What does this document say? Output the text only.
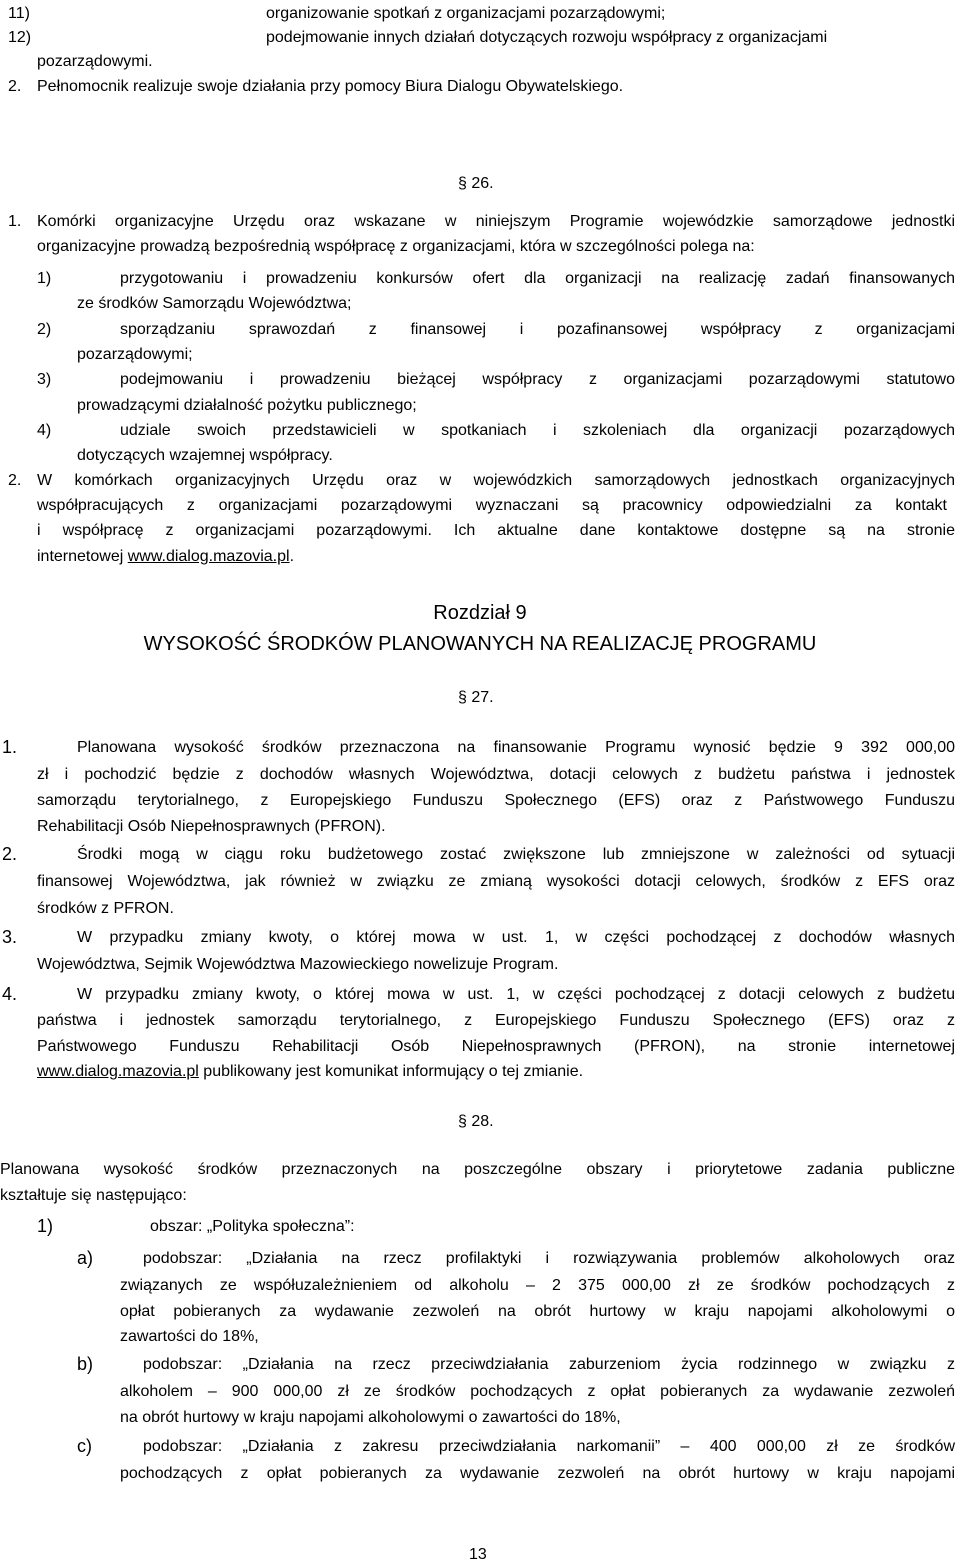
11)	organizowanie spotkań z organizacjami pozarządowymi;
12)	podejmowanie innych działań dotyczących rozwoju współpracy z organizacjami
pozarządowymi.
2. Pełnomocnik realizuje swoje działania przy pomocy Biura Dialogu Obywatelskiego.
§ 26.
1. Komórki organizacyjne Urzędu oraz wskazane w niniejszym Programie wojewódzkie samorządowe jednostki
organizacyjne prowadzą bezpośrednią współpracę z organizacjami, która w szczególności polega na:
1)	przygotowaniu i prowadzeniu konkursów ofert dla organizacji na realizację zadań finansowanych
ze środków Samorządu Województwa;
2)	sporządzaniu sprawozdań z finansowej i pozafinansowej współpracy z organizacjami
pozarządowymi;
3)	podejmowaniu i prowadzeniu bieżącej współpracy z organizacjami pozarządowymi statutowo
prowadzącymi działalność pożytku publicznego;
4)	udziale swoich przedstawicieli w spotkaniach i szkoleniach dla organizacji pozarządowych
dotyczących wzajemnej współpracy.
2. W komórkach organizacyjnych Urzędu oraz w wojewódzkich samorządowych jednostkach organizacyjnych
współpracujących z organizacjami pozarządowymi wyznaczani są pracownicy odpowiedzialni za kontakt
i współpracę z organizacjami pozarządowymi. Ich aktualne dane kontaktowe dostępne są na stronie
internetowej www.dialog.mazovia.pl.
Rozdział 9
WYSOKOŚĆ ŚRODKÓW PLANOWANYCH NA REALIZACJĘ PROGRAMU
§ 27.
1.	Planowana wysokość środków przeznaczona na finansowanie Programu wynosić będzie 9 392 000,00
zł i pochodzić będzie z dochodów własnych Województwa, dotacji celowych z budżetu państwa i jednostek
samorządu terytorialnego, z Europejskiego Funduszu Społecznego (EFS) oraz z Państwowego Funduszu
Rehabilitacji Osób Niepełnosprawnych (PFRON).
2.	Środki mogą w ciągu roku budżetowego zostać zwiększone lub zmniejszone w zależności od sytuacji
finansowej Województwa, jak również w związku ze zmianą wysokości dotacji celowych, środków z EFS oraz
środków z PFRON.
3.	W przypadku zmiany kwoty, o której mowa w ust. 1, w części pochodzącej z dochodów własnych
Województwa, Sejmik Województwa Mazowieckiego nowelizuje Program.
4.	W przypadku zmiany kwoty, o której mowa w ust. 1, w części pochodzącej z dotacji celowych z budżetu
państwa i jednostek samorządu terytorialnego, z Europejskiego Funduszu Społecznego (EFS) oraz z
Państwowego Funduszu Rehabilitacji Osób Niepełnosprawnych (PFRON), na stronie internetowej
www.dialog.mazovia.pl publikowany jest komunikat informujący o tej zmianie.
§ 28.
Planowana wysokość środków przeznaczonych na poszczególne obszary i priorytetowe zadania publiczne
kształtuje się następująco:
1)	obszar: „Polityka społeczna”:
a)	podobszar: „Działania na rzecz profilaktyki i rozwiązywania problemów alkoholowych oraz
związanych ze współuzależnieniem od alkoholu – 2 375 000,00 zł ze środków pochodzących z
opłat pobieranych za wydawanie zezwoleń na obrót hurtowy w kraju napojami alkoholowymi o
zawartości do 18%,
b)	podobszar: „Działania na rzecz przeciwdziałania zaburzeniom życia rodzinnego w związku z
alkoholem – 900 000,00 zł ze środków pochodzących z opłat pobieranych za wydawanie zezwoleń
na obrót hurtowy w kraju napojami alkoholowymi o zawartości do 18%,
c)	podobszar: „Działania z zakresu przeciwdziałania narkomanii” – 400 000,00 zł ze środków
pochodzących z opłat pobieranych za wydawanie zezwoleń na obrót hurtowy w kraju napojami
13
